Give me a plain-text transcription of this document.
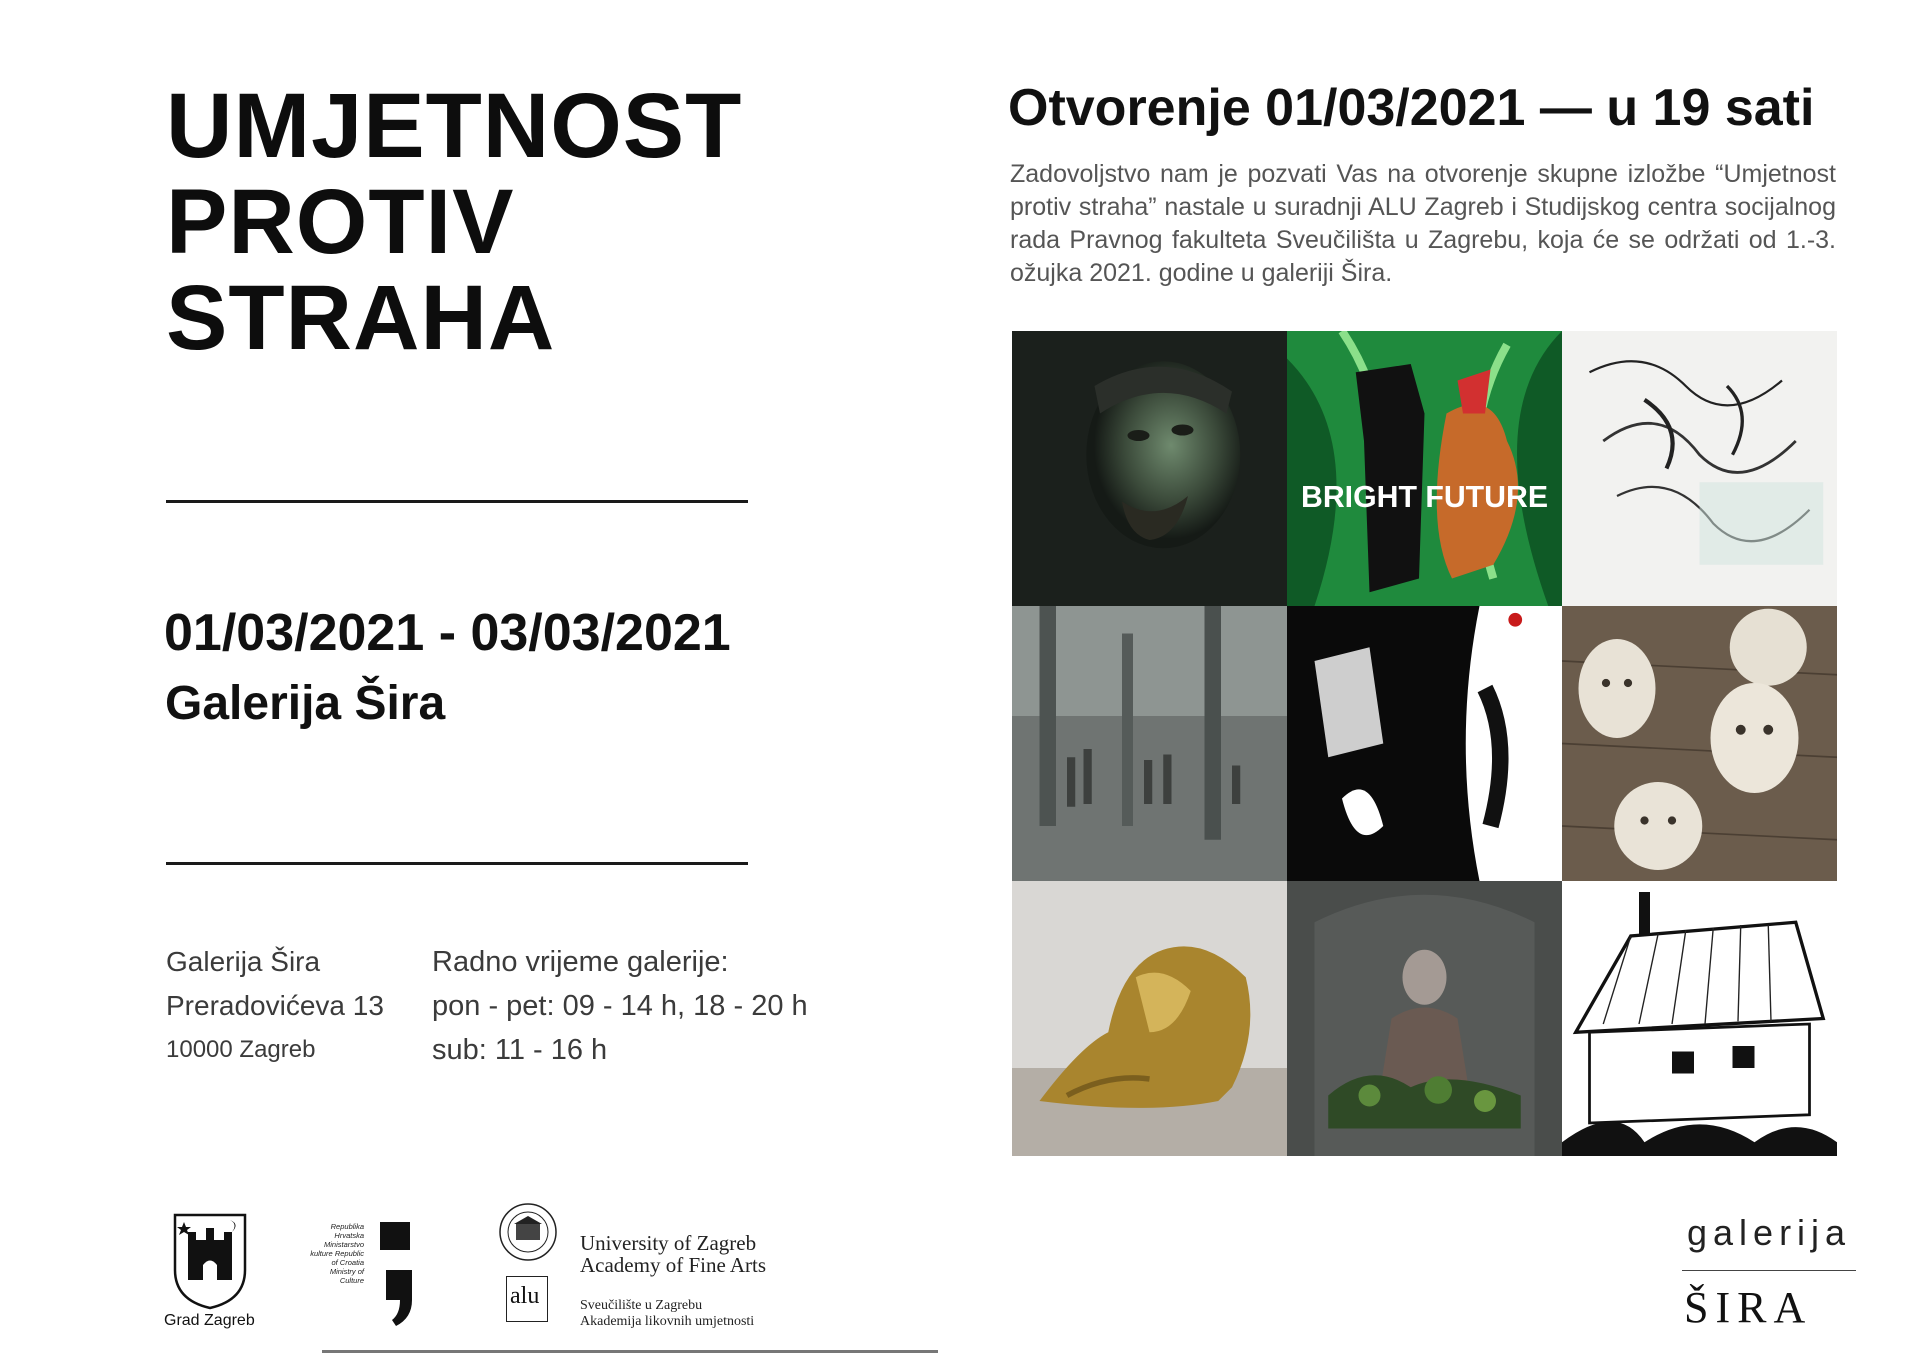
UMJETNOST
PROTIV
STRAHA
01/03/2021 - 03/03/2021
Galerija Šira
Galerija Šira
Preradovićeva 13
10000 Zagreb
Radno vrijeme galerije:
pon - pet: 09 - 14 h, 18 - 20 h
sub: 11 - 16 h
Otvorenje 01/03/2021 — u 19 sati
Zadovoljstvo nam je pozvati Vas na otvorenje skupne izložbe “Umjetnost protiv straha” nastale u suradnji ALU Zagreb i Studijskog centra socijalnog rada Pravnog fakulteta Sveučilišta u Zagrebu, koja će se održati od 1.-3. ožujka 2021. godine u galeriji Šira.
BRIGHT FUTURE
Grad Zagreb
Republika Hrvatska Ministarstvo kulture Republic of Croatia Ministry of Culture
alu
University of Zagreb
Academy of Fine Arts
Sveučilište u Zagrebu
Akademija likovnih umjetnosti
galerija
ŠIRA
